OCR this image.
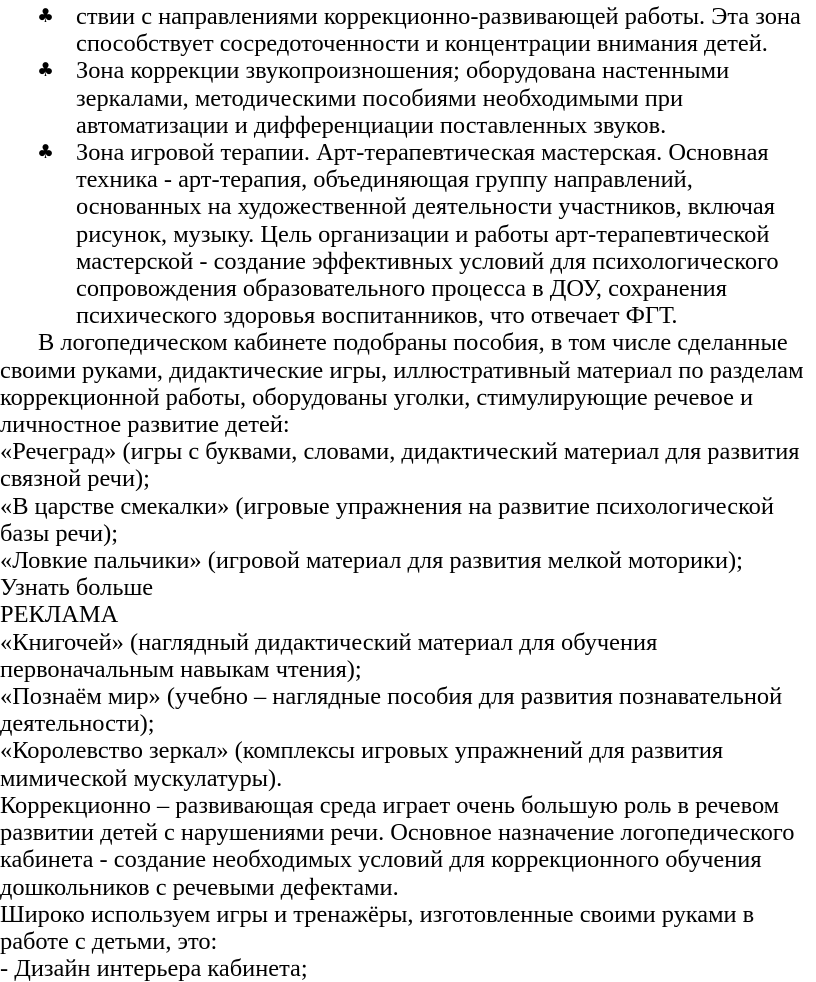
♣ ствии с направлениями коррекционно-развивающей работы. Эта зона способствует сосредоточенности и концентрации внимания детей.
♣ Зона коррекции звукопроизношения; оборудована настенными зеркалами, методическими пособиями необходимыми при автоматизации и дифференциации поставленных звуков.
♣ Зона игровой терапии. Арт-терапевтическая мастерская. Основная техника - арт-терапия, объединяющая группу направлений, основанных на художественной деятельности участников, включая рисунок, музыку. Цель организации и работы арт-терапевтической мастерской - создание эффективных условий для психологического сопровождения образовательного процесса в ДОУ, сохранения психического здоровья воспитанников, что отвечает ФГТ.

В логопедическом кабинете подобраны пособия, в том числе сделанные своими руками, дидактические игры, иллюстративный материал по разделам коррекционной работы, оборудованы уголки, стимулирующие речевое и личностное развитие детей:

«Речеград» (игры с буквами, словами, дидактический материал для развития связной речи);

«В царстве смекалки» (игровые упражнения на развитие психологической базы речи);

«Ловкие пальчики» (игровой материал для развития мелкой моторики);

Узнать больше

РЕКЛАМА

«Книгочей» (наглядный дидактический материал для обучения первоначальным навыкам чтения);

«Познаём мир» (учебно – наглядные пособия для развития познавательной деятельности);

«Королевство зеркал» (комплексы игровых упражнений для развития мимической мускулатуры).

Коррекционно – развивающая среда играет очень большую роль в речевом развитии детей с нарушениями речи. Основное назначение логопедического кабинета - создание необходимых условий для коррекционного обучения дошкольников с речевыми дефектами.

Широко используем игры и тренажёры, изготовленные своими руками в работе с детьми, это:

- Дизайн интерьера кабинета;
